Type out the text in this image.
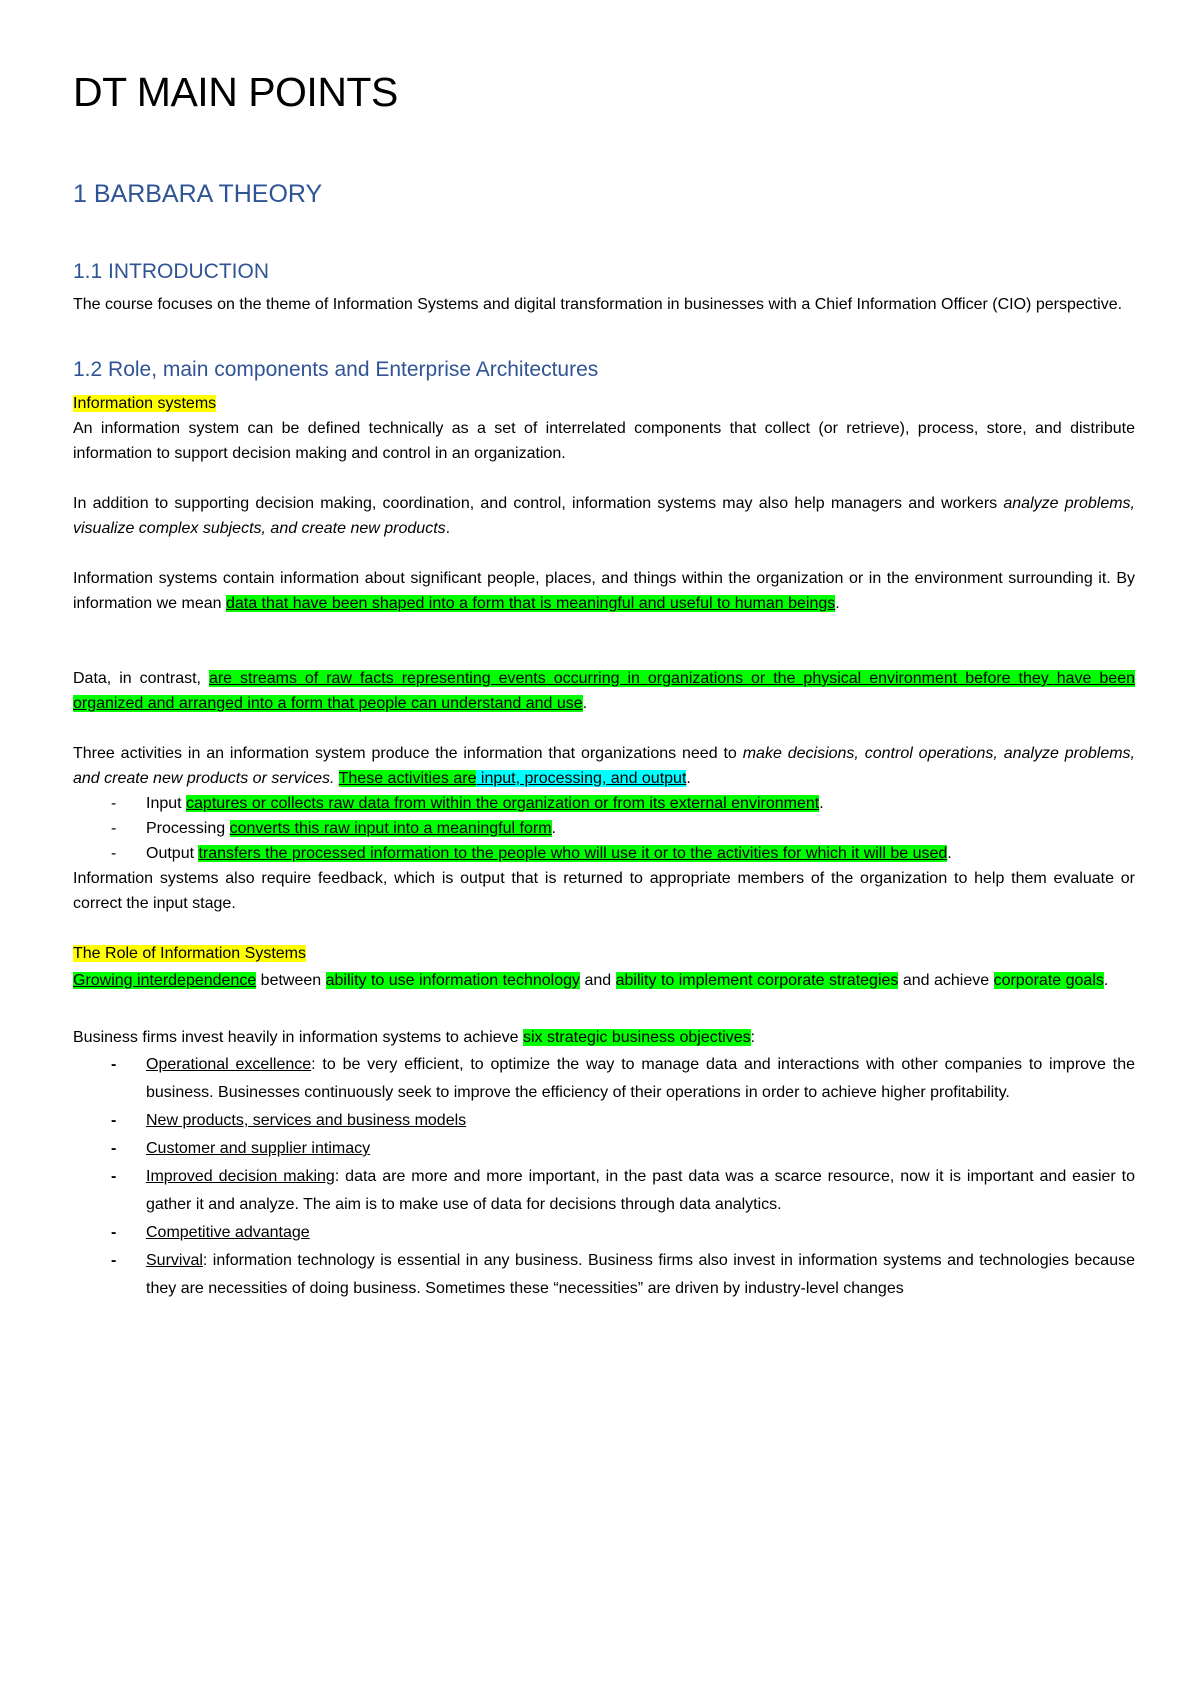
DT MAIN POINTS
1 BARBARA THEORY
1.1 INTRODUCTION

The course focuses on the theme of Information Systems and digital transformation in businesses with a Chief Information Officer (CIO) perspective.

1.2 Role, main components and Enterprise Architectures

Information systems

An information system can be defined technically as a set of interrelated components that collect (or retrieve), process, store, and distribute information to support decision making and control in an organization.

In addition to supporting decision making, coordination, and control, information systems may also help managers and workers analyze problems, visualize complex subjects, and create new products.

Information systems contain information about significant people, places, and things within the organization or in the environment surrounding it. By information we mean data that have been shaped into a form that is meaningful and useful to human beings.

Data, in contrast, are streams of raw facts representing events occurring in organizations or the physical environment before they have been organized and arranged into a form that people can understand and use.

Three activities in an information system produce the information that organizations need to make decisions, control operations, analyze problems, and create new products or services. These activities are input, processing, and output.

- Input captures or collects raw data from within the organization or from its external environment.
- Processing converts this raw input into a meaningful form.
- Output transfers the processed information to the people who will use it or to the activities for which it will be used.

Information systems also require feedback, which is output that is returned to appropriate members of the organization to help them evaluate or correct the input stage.

The Role of Information Systems

Growing interdependence between ability to use information technology and ability to implement corporate strategies and achieve corporate goals.

Business firms invest heavily in information systems to achieve six strategic business objectives:

- Operational excellence: to be very efficient, to optimize the way to manage data and interactions with other companies to improve the business. Businesses continuously seek to improve the efficiency of their operations in order to achieve higher profitability.
- New products, services and business models
- Customer and supplier intimacy
- Improved decision making: data are more and more important, in the past data was a scarce resource, now it is important and easier to gather it and analyze. The aim is to make use of data for decisions through data analytics.
- Competitive advantage
- Survival: information technology is essential in any business. Business firms also invest in information systems and technologies because they are necessities of doing business. Sometimes these “necessities” are driven by industry-level changes
